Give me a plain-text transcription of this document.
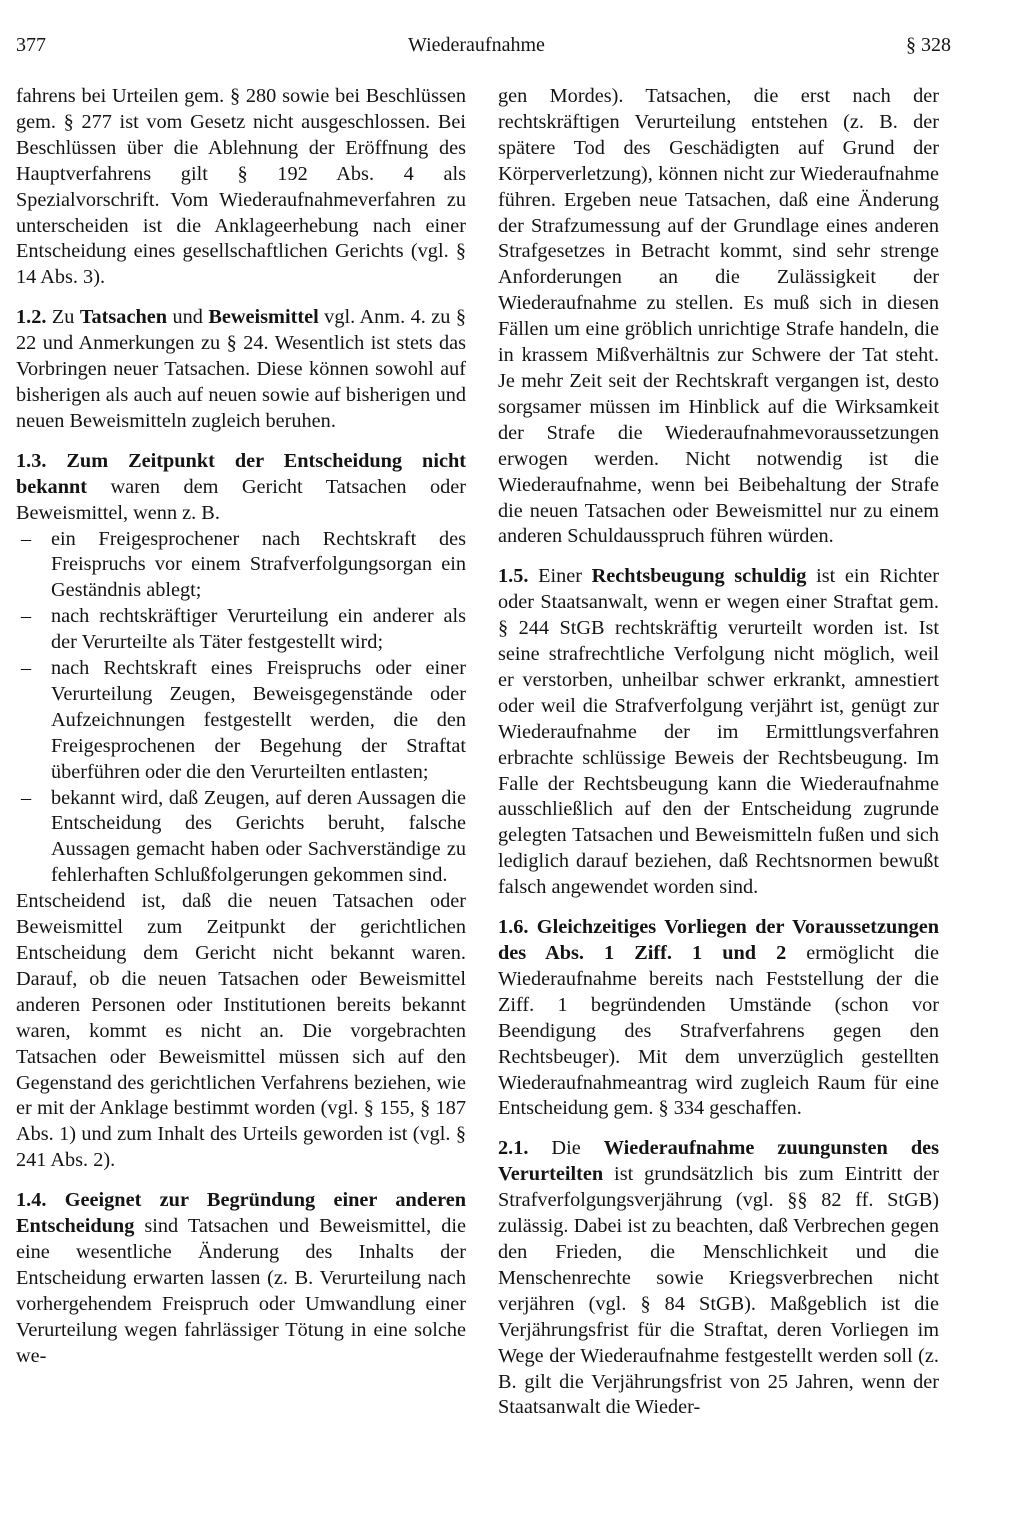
377	Wiederaufnahme	§ 328

fahrens bei Urteilen gem. § 280 sowie bei Beschlüssen gem. § 277 ist vom Gesetz nicht ausgeschlossen. Bei Beschlüssen über die Ablehnung der Eröffnung des Hauptverfahrens gilt § 192 Abs. 4 als Spezialvorschrift. Vom Wiederaufnahmeverfahren zu unterscheiden ist die Anklageerhebung nach einer Entscheidung eines gesellschaftlichen Gerichts (vgl. § 14 Abs. 3).

1.2. Zu Tatsachen und Beweismittel vgl. Anm. 4. zu § 22 und Anmerkungen zu § 24. Wesentlich ist stets das Vorbringen neuer Tatsachen. Diese können sowohl auf bisherigen als auch auf neuen sowie auf bisherigen und neuen Beweismitteln zugleich beruhen.

1.3. Zum Zeitpunkt der Entscheidung nicht bekannt waren dem Gericht Tatsachen oder Beweismittel, wenn z. B.

– ein Freigesprochener nach Rechtskraft des Freispruchs vor einem Strafverfolgungsorgan ein Geständnis ablegt;
– nach rechtskräftiger Verurteilung ein anderer als der Verurteilte als Täter festgestellt wird;
– nach Rechtskraft eines Freispruchs oder einer Verurteilung Zeugen, Beweisgegenstände oder Aufzeichnungen festgestellt werden, die den Freigesprochenen der Begehung der Straftat überführen oder die den Verurteilten entlasten;
– bekannt wird, daß Zeugen, auf deren Aussagen die Entscheidung des Gerichts beruht, falsche Aussagen gemacht haben oder Sachverständige zu fehlerhaften Schlußfolgerungen gekommen sind.

Entscheidend ist, daß die neuen Tatsachen oder Beweismittel zum Zeitpunkt der gerichtlichen Entscheidung dem Gericht nicht bekannt waren. Darauf, ob die neuen Tatsachen oder Beweismittel anderen Personen oder Institutionen bereits bekannt waren, kommt es nicht an. Die vorgebrachten Tatsachen oder Beweismittel müssen sich auf den Gegenstand des gerichtlichen Verfahrens beziehen, wie er mit der Anklage bestimmt worden (vgl. § 155, § 187 Abs. 1) und zum Inhalt des Urteils geworden ist (vgl. § 241 Abs. 2).

1.4. Geeignet zur Begründung einer anderen Entscheidung sind Tatsachen und Beweismittel, die eine wesentliche Änderung des Inhalts der Entscheidung erwarten lassen (z. B. Verurteilung nach vorhergehendem Freispruch oder Umwandlung einer Verurteilung wegen fahrlässiger Tötung in eine solche we-

gen Mordes). Tatsachen, die erst nach der rechtskräftigen Verurteilung entstehen (z. B. der spätere Tod des Geschädigten auf Grund der Körperverletzung), können nicht zur Wiederaufnahme führen. Ergeben neue Tatsachen, daß eine Änderung der Strafzumessung auf der Grundlage eines anderen Strafgesetzes in Betracht kommt, sind sehr strenge Anforderungen an die Zulässigkeit der Wiederaufnahme zu stellen. Es muß sich in diesen Fällen um eine gröblich unrichtige Strafe handeln, die in krassem Mißverhältnis zur Schwere der Tat steht. Je mehr Zeit seit der Rechtskraft vergangen ist, desto sorgsamer müssen im Hinblick auf die Wirksamkeit der Strafe die Wiederaufnahmevoraussetzungen erwogen werden. Nicht notwendig ist die Wiederaufnahme, wenn bei Beibehaltung der Strafe die neuen Tatsachen oder Beweismittel nur zu einem anderen Schuldausspruch führen würden.

1.5. Einer Rechtsbeugung schuldig ist ein Richter oder Staatsanwalt, wenn er wegen einer Straftat gem. § 244 StGB rechtskräftig verurteilt worden ist. Ist seine strafrechtliche Verfolgung nicht möglich, weil er verstorben, unheilbar schwer erkrankt, amnestiert oder weil die Strafverfolgung verjährt ist, genügt zur Wiederaufnahme der im Ermittlungsverfahren erbrachte schlüssige Beweis der Rechtsbeugung. Im Falle der Rechtsbeugung kann die Wiederaufnahme ausschließlich auf den der Entscheidung zugrunde gelegten Tatsachen und Beweismitteln fußen und sich lediglich darauf beziehen, daß Rechtsnormen bewußt falsch angewendet worden sind.

1.6. Gleichzeitiges Vorliegen der Voraussetzungen des Abs. 1 Ziff. 1 und 2 ermöglicht die Wiederaufnahme bereits nach Feststellung der die Ziff. 1 begründenden Umstände (schon vor Beendigung des Strafverfahrens gegen den Rechtsbeuger). Mit dem unverzüglich gestellten Wiederaufnahmeantrag wird zugleich Raum für eine Entscheidung gem. § 334 geschaffen.

2.1. Die Wiederaufnahme zuungunsten des Verurteilten ist grundsätzlich bis zum Eintritt der Strafverfolgungsverjährung (vgl. §§ 82 ff. StGB) zulässig. Dabei ist zu beachten, daß Verbrechen gegen den Frieden, die Menschlichkeit und die Menschenrechte sowie Kriegsverbrechen nicht verjähren (vgl. § 84 StGB). Maßgeblich ist die Verjährungsfrist für die Straftat, deren Vorliegen im Wege der Wiederaufnahme festgestellt werden soll (z. B. gilt die Verjährungsfrist von 25 Jahren, wenn der Staatsanwalt die Wieder-
